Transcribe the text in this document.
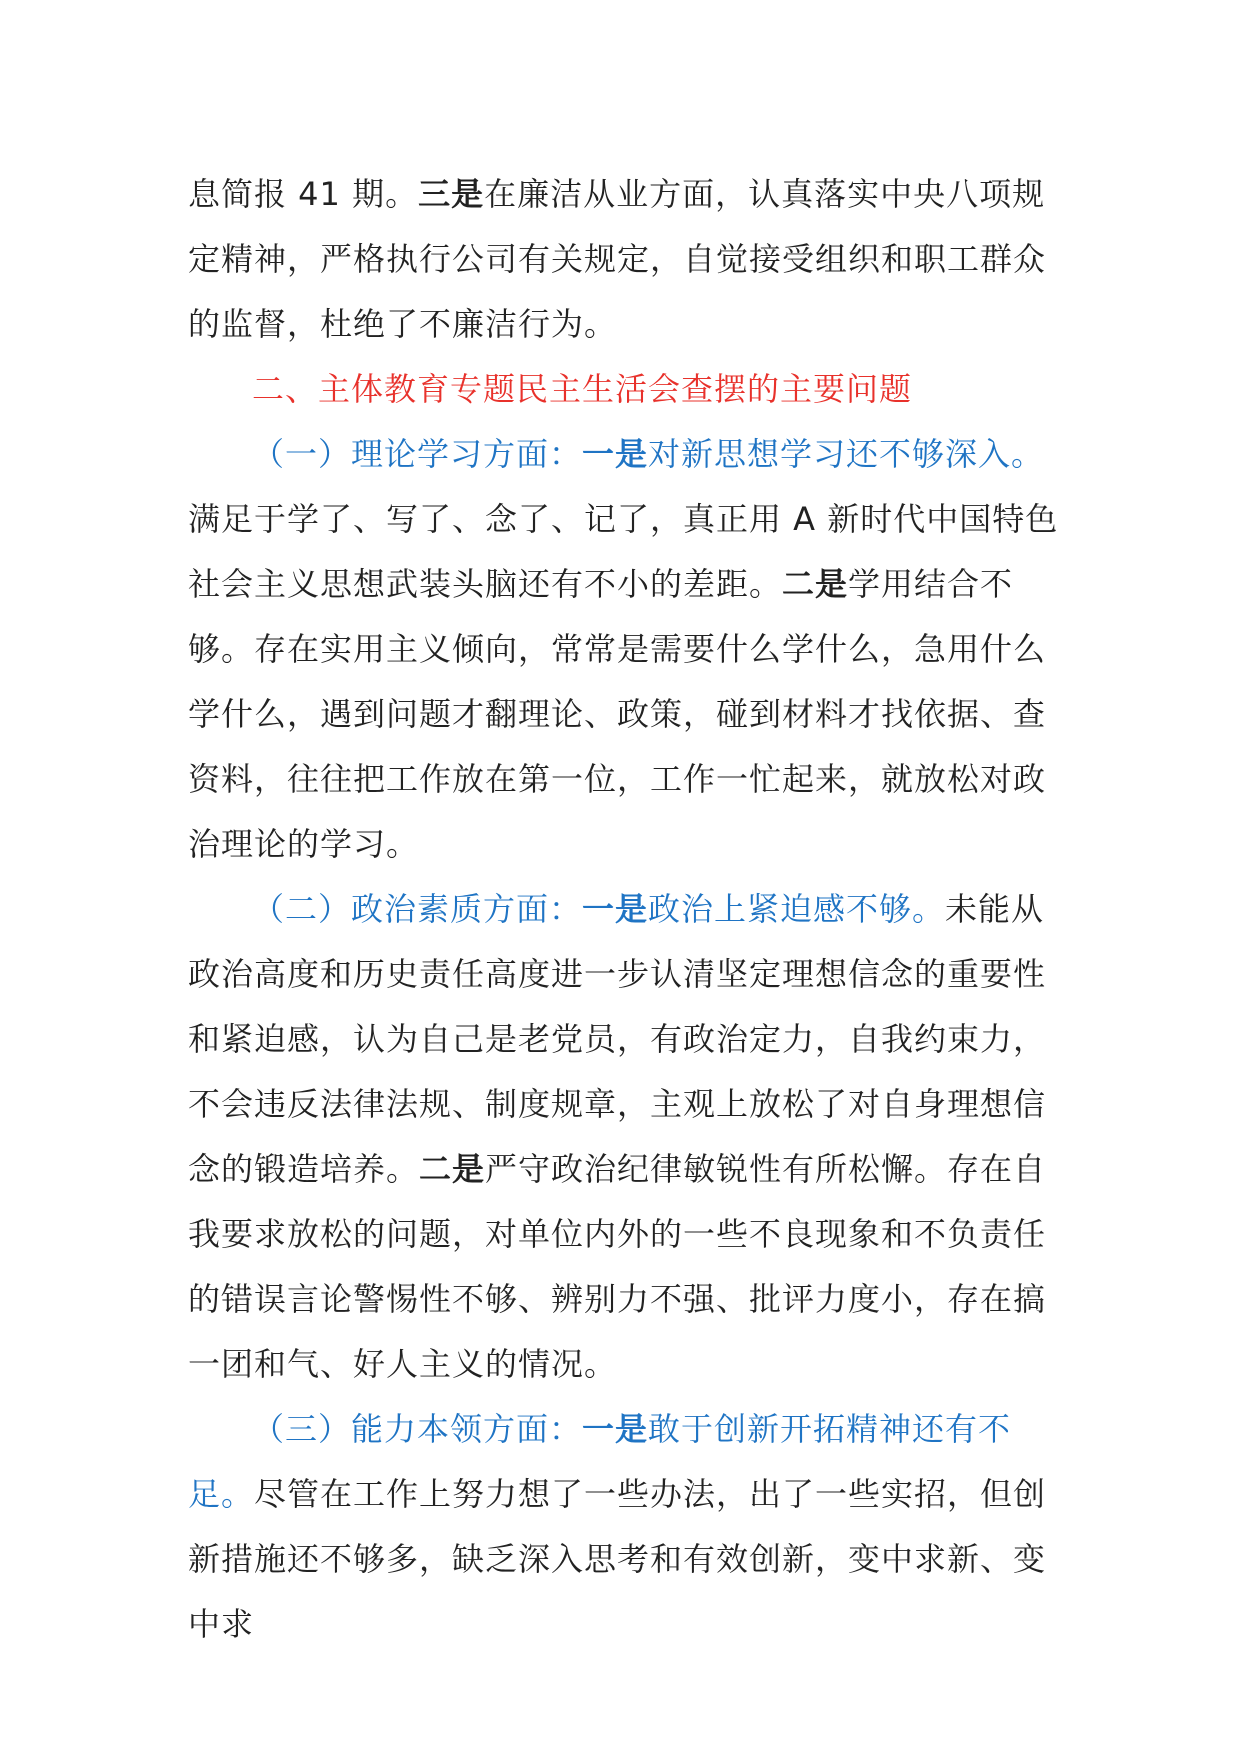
息简报 41 期。三是在廉洁从业方面，认真落实中央八项规定精神，严格执行公司有关规定，自觉接受组织和职工群众的监督，杜绝了不廉洁行为。

二、主体教育专题民主生活会查摆的主要问题

（一）理论学习方面：一是对新思想学习还不够深入。满足于学了、写了、念了、记了，真正用 A 新时代中国特色社会主义思想武装头脑还有不小的差距。二是学用结合不够。存在实用主义倾向，常常是需要什么学什么，急用什么学什么，遇到问题才翻理论、政策，碰到材料才找依据、查资料，往往把工作放在第一位，工作一忙起来，就放松对政治理论的学习。

（二）政治素质方面：一是政治上紧迫感不够。未能从政治高度和历史责任高度进一步认清坚定理想信念的重要性和紧迫感，认为自己是老党员，有政治定力，自我约束力，不会违反法律法规、制度规章，主观上放松了对自身理想信念的锻造培养。二是严守政治纪律敏锐性有所松懈。存在自我要求放松的问题，对单位内外的一些不良现象和不负责任的错误言论警惕性不够、辨别力不强、批评力度小，存在搞一团和气、好人主义的情况。

（三）能力本领方面：一是敢于创新开拓精神还有不足。尽管在工作上努力想了一些办法，出了一些实招，但创新措施还不够多，缺乏深入思考和有效创新，变中求新、变中求
